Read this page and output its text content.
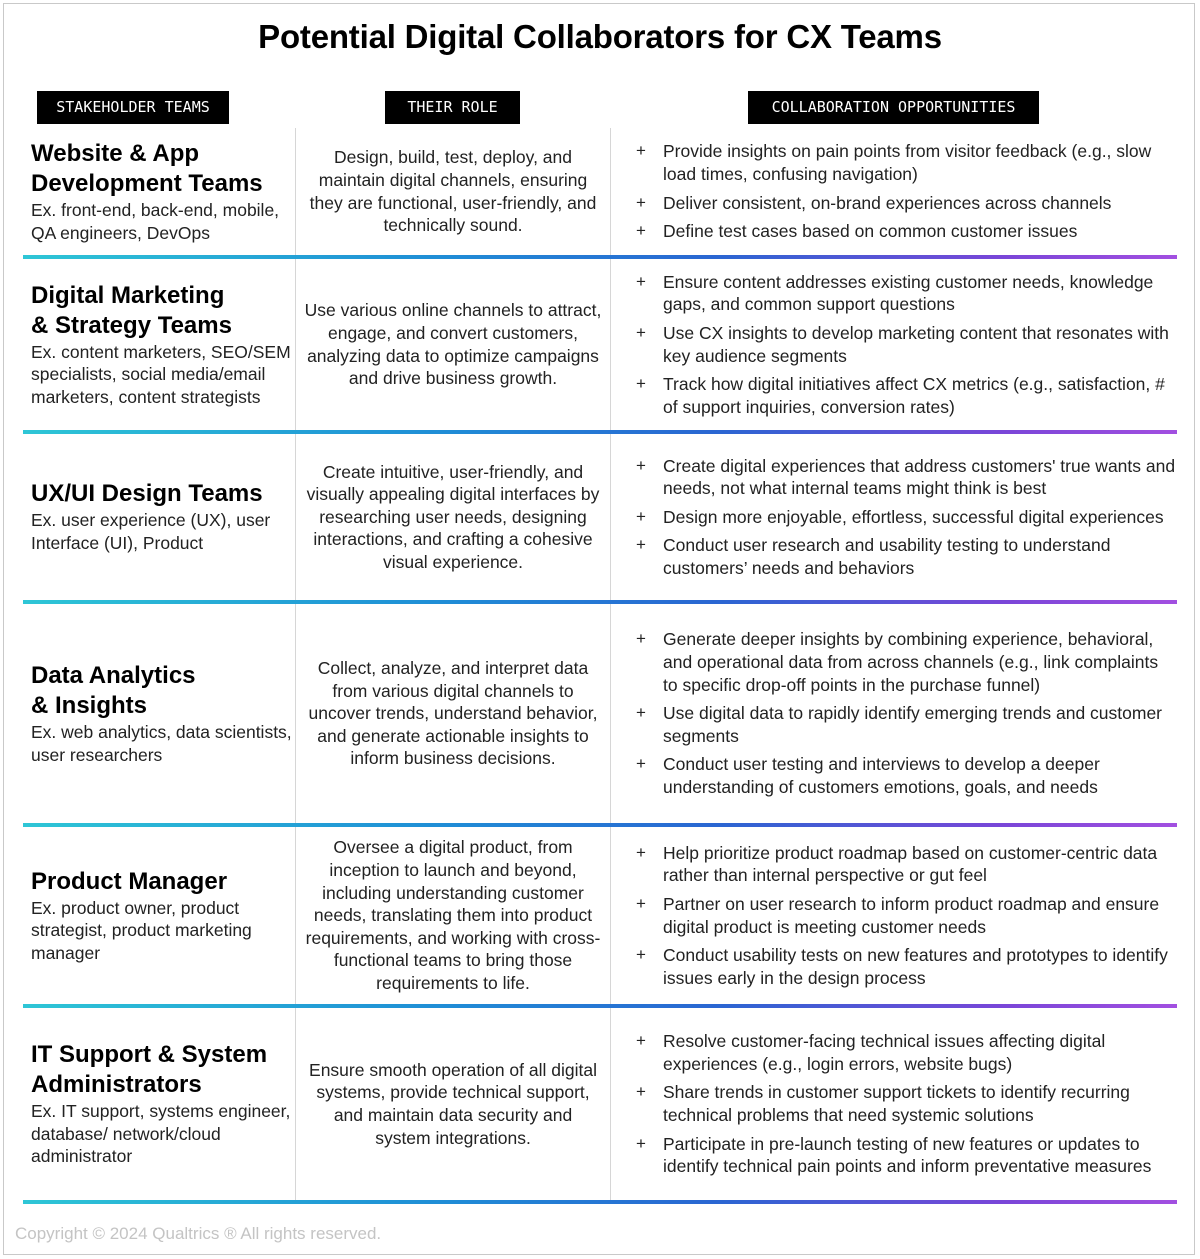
Potential Digital Collaborators for CX Teams
STAKEHOLDER TEAMS	THEIR ROLE	COLLABORATION OPPORTUNITIES
Website & App
Development Teams
Ex. front-end, back-end, mobile, QA engineers, DevOps
Design, build, test, deploy, and maintain digital channels, ensuring they are functional, user-friendly, and technically sound.
+ Provide insights on pain points from visitor feedback (e.g., slow load times, confusing navigation)
+ Deliver consistent, on-brand experiences across channels
+ Define test cases based on common customer issues
Digital Marketing
& Strategy Teams
Ex. content marketers, SEO/SEM specialists, social media/email marketers, content strategists
Use various online channels to attract, engage, and convert customers, analyzing data to optimize campaigns and drive business growth.
+ Ensure content addresses existing customer needs, knowledge gaps, and common support questions
+ Use CX insights to develop marketing content that resonates with key audience segments
+ Track how digital initiatives affect CX metrics (e.g., satisfaction, # of support inquiries, conversion rates)
UX/UI Design Teams
Ex. user experience (UX), user Interface (UI), Product
Create intuitive, user-friendly, and visually appealing digital interfaces by researching user needs, designing interactions, and crafting a cohesive visual experience.
+ Create digital experiences that address customers' true wants and needs, not what internal teams might think is best
+ Design more enjoyable, effortless, successful digital experiences
+ Conduct user research and usability testing to understand customers’ needs and behaviors
Data Analytics
& Insights
Ex. web analytics, data scientists, user researchers
Collect, analyze, and interpret data from various digital channels to uncover trends, understand behavior, and generate actionable insights to inform business decisions.
+ Generate deeper insights by combining experience, behavioral, and operational data from across channels (e.g., link complaints to specific drop-off points in the purchase funnel)
+ Use digital data to rapidly identify emerging trends and customer segments
+ Conduct user testing and interviews to develop a deeper understanding of customers emotions, goals, and needs
Product Manager
Ex. product owner, product strategist, product marketing manager
Oversee a digital product, from inception to launch and beyond, including understanding customer needs, translating them into product requirements, and working with cross-functional teams to bring those requirements to life.
+ Help prioritize product roadmap based on customer-centric data rather than internal perspective or gut feel
+ Partner on user research to inform product roadmap and ensure digital product is meeting customer needs
+ Conduct usability tests on new features and prototypes to identify issues early in the design process
IT Support & System
Administrators
Ex. IT support, systems engineer, database/ network/cloud administrator
Ensure smooth operation of all digital systems, provide technical support, and maintain data security and system integrations.
+ Resolve customer-facing technical issues affecting digital experiences (e.g., login errors, website bugs)
+ Share trends in customer support tickets to identify recurring technical problems that need systemic solutions
+ Participate in pre-launch testing of new features or updates to identify technical pain points and inform preventative measures
Copyright © 2024 Qualtrics ® All rights reserved.
